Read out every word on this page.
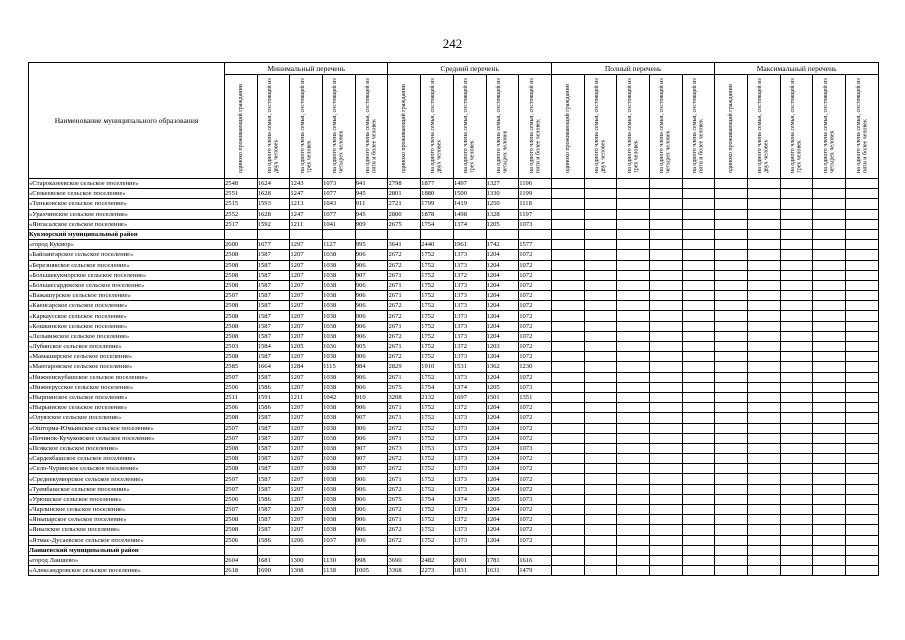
242
Наименование муниципального образования	Минимальный перечень					Средний перечень					Полный перечень					Максимальный перечень				
	одиноко проживающий гражданин	на одного члена семьи, состоящей из двух человек	на одного члена семьи, состоящей из трех человек	на одного члена семьи, состоящей из четырех человек	на одного члена семьи, состоящей из пяти и более человек	одиноко проживающий гражданин	на одного члена семьи, состоящей из двух человек	на одного члена семьи, состоящей из трех человек	на одного члена семьи, состоящей из четырех человек	на одного члена семьи, состоящей из пяти и более человек	одиноко проживающий гражданин	на одного члена семьи, состоящей из двух человек	на одного члена семьи, состоящей из трех человек	на одного члена семьи, состоящей из четырех человек	на одного члена семьи, состоящей из пяти и более человек	одиноко проживающий гражданин	на одного члена семьи, состоящей из двух человек	на одного члена семьи, состоящей из трех человек	на одного члена семьи, состоящей из четырех человек	на одного члена семьи, состоящей из пяти и более человек
«Староказеевское сельское поселение»	2548	1624	1243	1073	941	2798	1877	1497	1327	1196										
«Сюкеевское сельское поселение»	2551	1628	1247	1077	945	2801	1880	1500	1330	1199										
«Теньковское сельское поселение»	2515	1593	1213	1043	911	2721	1799	1419	1250	1118										
«Урахчинское сельское поселение»	2552	1628	1247	1077	945	2800	1878	1498	1328	1197										
«Янгасалское сельское поселение»	2517	1592	1211	1041	909	2675	1754	1374	1205	1073										
Кукморский муниципальный район																				
«город Кукмор»	2600	1677	1297	1127	995	3641	2440	1961	1742	1577										
«Байлангарское сельское поселение»	2508	1587	1207	1038	906	2672	1752	1373	1204	1072										
«Березнякское сельское поселение»	2508	1587	1207	1038	906	2672	1752	1373	1204	1072										
«Большекукморское сельское поселение»	2508	1587	1207	1038	907	2671	1752	1372	1204	1072										
«Большесардекское сельское поселение»	2508	1587	1207	1038	906	2671	1752	1373	1204	1072										
«Важашурское сельское поселение»	2507	1587	1207	1038	906	2671	1752	1373	1204	1072										
«Каенсарское сельское поселение»	2508	1587	1207	1038	906	2672	1752	1373	1204	1072										
«Каркаусское сельское поселение»	2508	1587	1207	1038	906	2672	1752	1373	1204	1072										
«Кошкинское сельское поселение»	2508	1587	1207	1038	906	2671	1752	1373	1204	1072										
«Лельвижское сельское поселение»	2508	1587	1207	1038	906	2672	1752	1373	1204	1072										
«Лубянское сельское поселение»	2503	1584	1205	1036	905	2671	1752	1372	1203	1072										
«Мамаширское сельское поселение»	2508	1587	1207	1038	906	2672	1752	1373	1204	1072										
«Мантаровское сельское поселение»	2585	1664	1284	1115	984	2829	1910	1531	1362	1230										
«Нижнеискубашское сельское поселение»	2507	1587	1207	1038	906	2671	1752	1373	1204	1072										
«Нижнерусское сельское поселение»	2506	1586	1207	1038	906	2675	1754	1374	1205	1073										
«Нырпинское сельское поселение»	2511	1591	1211	1042	910	3208	2132	1697	1501	1351										
«Нырьинское сельское поселение»	2506	1586	1207	1038	906	2671	1752	1372	1204	1072										
«Олуязское сельское поселение»	2508	1587	1207	1038	907	2671	1752	1373	1204	1072										
«Ошторма-Юмьинское сельское поселение»	2507	1587	1207	1038	906	2672	1752	1373	1204	1072										
«Починок-Кучуковское сельское поселение»	2507	1587	1207	1038	906	2671	1752	1373	1204	1072										
«Псякское сельское поселение»	2508	1587	1207	1038	907	2673	1753	1373	1204	1073										
«Сардекбашское сельское поселение»	2508	1587	1207	1038	907	2672	1752	1373	1204	1072										
«Село-Чуринское сельское поселение»	2508	1587	1207	1038	907	2672	1752	1373	1204	1072										
«Среднекумюрское сельское поселение»	2507	1587	1207	1038	906	2671	1752	1373	1204	1072										
«Туембашское сельское поселение»	2507	1587	1207	1038	906	2672	1752	1373	1204	1072										
«Урюшское сельское поселение»	2506	1586	1207	1038	906	2675	1754	1374	1205	1073										
«Чарлинское сельское поселение»	2507	1587	1207	1038	906	2672	1752	1373	1204	1072										
«Яныпарское сельское поселение»	2508	1587	1207	1038	906	2671	1752	1372	1204	1072										
«Янылское сельское поселение»	2508	1587	1207	1038	906	2672	1752	1373	1204	1072										
«Ятмас-Дусаевское сельское поселение»	2506	1586	1206	1037	906	2672	1752	1373	1204	1072										
Лаишевский муниципальный район																				
«город Лаишево»	2604	1681	1300	1130	998	3690	2482	2001	1781	1616										
«Александровское сельское поселение»	2618	1690	1308	1138	1005	3368	2273	1831	1631	1479										
